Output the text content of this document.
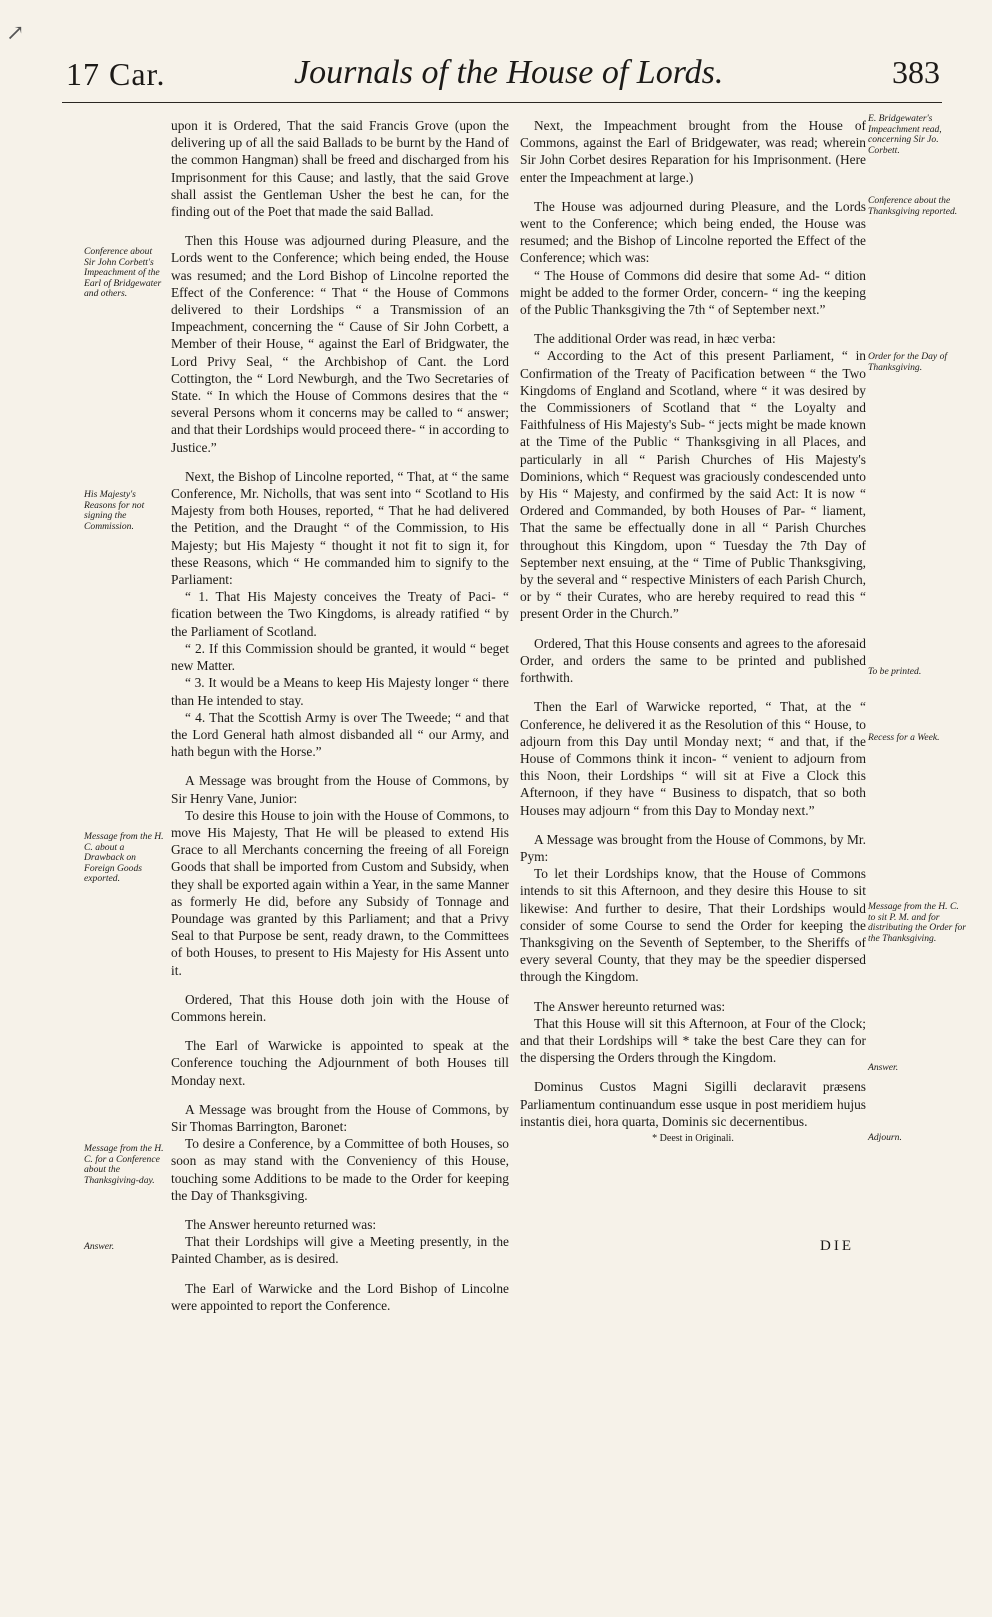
↗
17 Car.	Journals of the House of Lords.	383
Conference about Sir John Corbett's Impeachment of the Earl of Bridgewater and others.
His Majesty's Reasons for not signing the Commission.
Message from the H. C. about a Drawback on Foreign Goods exported.
Message from the H. C. for a Conference about the Thanksgiving-day.
Answer.
E. Bridgewater's Impeachment read, concerning Sir Jo. Corbett.
Conference about the Thanksgiving reported.
Order for the Day of Thanksgiving.
To be printed.
Recess for a Week.
Message from the H. C. to sit P. M. and for distributing the Order for the Thanksgiving.
Answer.
Adjourn.

upon it is Ordered, That the said Francis Grove (upon the delivering up of all the said Ballads to be burnt by the Hand of the common Hangman) shall be freed and discharged from his Imprisonment for this Cause; and lastly, that the said Grove shall assist the Gentleman Usher the best he can, for the finding out of the Poet that made the said Ballad.

Then this House was adjourned during Pleasure, and the Lords went to the Conference; which being ended, the House was resumed; and the Lord Bishop of Lincolne reported the Effect of the Conference: “ That “ the House of Commons delivered to their Lordships “ a Transmission of an Impeachment, concerning the “ Cause of Sir John Corbett, a Member of their House, “ against the Earl of Bridgwater, the Lord Privy Seal, “ the Archbishop of Cant. the Lord Cottington, the “ Lord Newburgh, and the Two Secretaries of State. “ In which the House of Commons desires that the “ several Persons whom it concerns may be called to “ answer; and that their Lordships would proceed there- “ in according to Justice.”

Next, the Bishop of Lincolne reported, “ That, at “ the same Conference, Mr. Nicholls, that was sent into “ Scotland to His Majesty from both Houses, reported, “ That he had delivered the Petition, and the Draught “ of the Commission, to His Majesty; but His Majesty “ thought it not fit to sign it, for these Reasons, which “ He commanded him to signify to the Parliament:

“ 1. That His Majesty conceives the Treaty of Paci- “ fication between the Two Kingdoms, is already ratified “ by the Parliament of Scotland.

“ 2. If this Commission should be granted, it would “ beget new Matter.

“ 3. It would be a Means to keep His Majesty longer “ there than He intended to stay.

“ 4. That the Scottish Army is over The Tweede; “ and that the Lord General hath almost disbanded all “ our Army, and hath begun with the Horse.”

A Message was brought from the House of Commons, by Sir Henry Vane, Junior:

To desire this House to join with the House of Commons, to move His Majesty, That He will be pleased to extend His Grace to all Merchants concerning the freeing of all Foreign Goods that shall be imported from Custom and Subsidy, when they shall be exported again within a Year, in the same Manner as formerly He did, before any Subsidy of Tonnage and Poundage was granted by this Parliament; and that a Privy Seal to that Purpose be sent, ready drawn, to the Committees of both Houses, to present to His Majesty for His Assent unto it.

Ordered, That this House doth join with the House of Commons herein.

The Earl of Warwicke is appointed to speak at the Conference touching the Adjournment of both Houses till Monday next.

A Message was brought from the House of Commons, by Sir Thomas Barrington, Baronet:

To desire a Conference, by a Committee of both Houses, so soon as may stand with the Conveniency of this House, touching some Additions to be made to the Order for keeping the Day of Thanksgiving.

The Answer hereunto returned was:

That their Lordships will give a Meeting presently, in the Painted Chamber, as is desired.

The Earl of Warwicke and the Lord Bishop of Lincolne were appointed to report the Conference.

Next, the Impeachment brought from the House of Commons, against the Earl of Bridgewater, was read; wherein Sir John Corbet desires Reparation for his Imprisonment. (Here enter the Impeachment at large.)

The House was adjourned during Pleasure, and the Lords went to the Conference; which being ended, the House was resumed; and the Bishop of Lincolne reported the Effect of the Conference; which was:

“ The House of Commons did desire that some Ad- “ dition might be added to the former Order, concern- “ ing the keeping of the Public Thanksgiving the 7th “ of September next.”

The additional Order was read, in hæc verba:

“ According to the Act of this present Parliament, “ in Confirmation of the Treaty of Pacification between “ the Two Kingdoms of England and Scotland, where “ it was desired by the Commissioners of Scotland that “ the Loyalty and Faithfulness of His Majesty's Sub- “ jects might be made known at the Time of the Public “ Thanksgiving in all Places, and particularly in all “ Parish Churches of His Majesty's Dominions, which “ Request was graciously condescended unto by His “ Majesty, and confirmed by the said Act: It is now “ Ordered and Commanded, by both Houses of Par- “ liament, That the same be effectually done in all “ Parish Churches throughout this Kingdom, upon “ Tuesday the 7th Day of September next ensuing, at the “ Time of Public Thanksgiving, by the several and “ respective Ministers of each Parish Church, or by “ their Curates, who are hereby required to read this “ present Order in the Church.”

Ordered, That this House consents and agrees to the aforesaid Order, and orders the same to be printed and published forthwith.

Then the Earl of Warwicke reported, “ That, at the “ Conference, he delivered it as the Resolution of this “ House, to adjourn from this Day until Monday next; “ and that, if the House of Commons think it incon- “ venient to adjourn from this Noon, their Lordships “ will sit at Five a Clock this Afternoon, if they have “ Business to dispatch, that so both Houses may adjourn “ from this Day to Monday next.”

A Message was brought from the House of Commons, by Mr. Pym:

To let their Lordships know, that the House of Commons intends to sit this Afternoon, and they desire this House to sit likewise: And further to desire, That their Lordships would consider of some Course to send the Order for keeping the Thanksgiving on the Seventh of September, to the Sheriffs of every several County, that they may be the speedier dispersed through the Kingdom.

The Answer hereunto returned was:

That this House will sit this Afternoon, at Four of the Clock; and that their Lordships will * take the best Care they can for the dispersing the Orders through the Kingdom.

Dominus Custos Magni Sigilli declaravit præsens Parliamentum continuandum esse usque in post meridiem hujus instantis diei, hora quarta, Dominis sic decernentibus.

* Deest in Originali.

DIE
